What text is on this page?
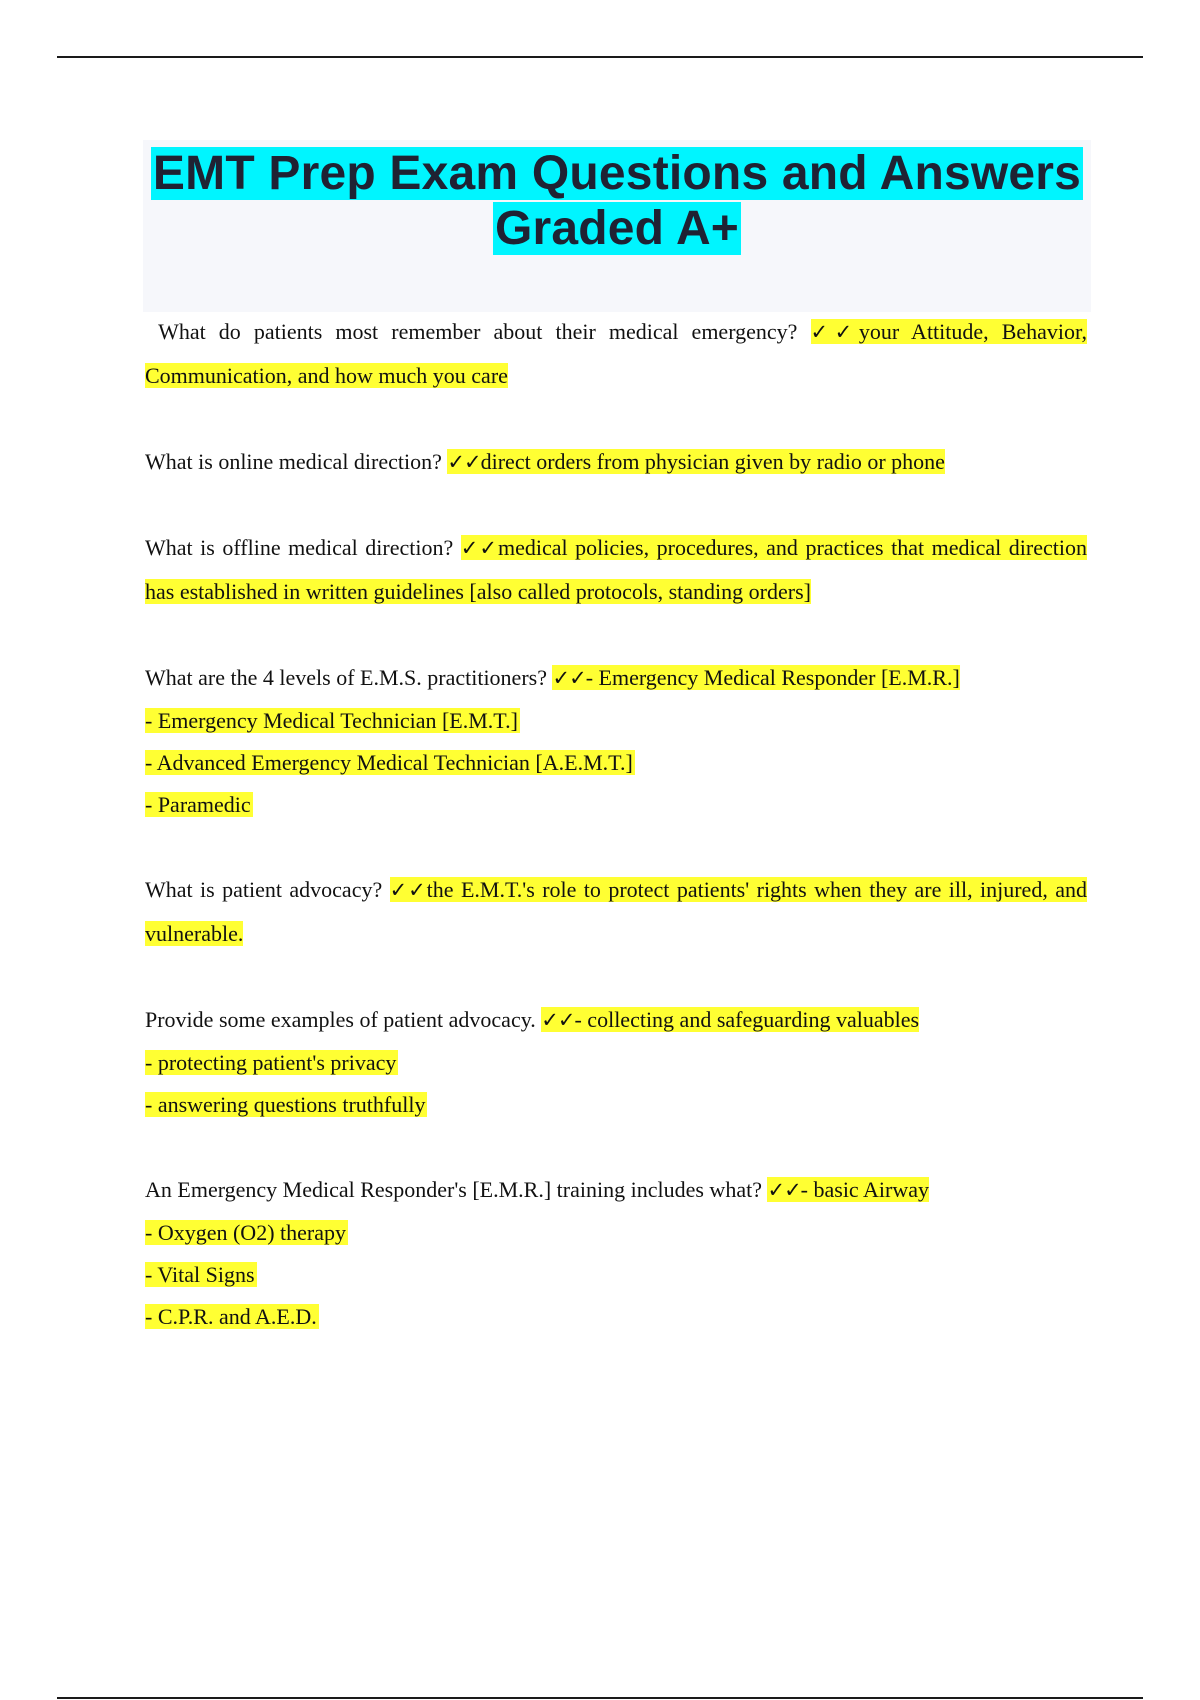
EMT Prep Exam Questions and Answers
Graded A+
What do patients most remember about their medical emergency? ✓✓your Attitude, Behavior, Communication, and how much you care
What is online medical direction? ✓✓direct orders from physician given by radio or phone
What is offline medical direction? ✓✓medical policies, procedures, and practices that medical direction has established in written guidelines [also called protocols, standing orders]
What are the 4 levels of E.M.S. practitioners? ✓✓- Emergency Medical Responder [E.M.R.]
- Emergency Medical Technician [E.M.T.]
- Advanced Emergency Medical Technician [A.E.M.T.]
- Paramedic
What is patient advocacy? ✓✓the E.M.T.'s role to protect patients' rights when they are ill, injured, and vulnerable.
Provide some examples of patient advocacy. ✓✓- collecting and safeguarding valuables
- protecting patient's privacy
- answering questions truthfully
An Emergency Medical Responder's [E.M.R.] training includes what? ✓✓- basic Airway
- Oxygen (O2) therapy
- Vital Signs
- C.P.R. and A.E.D.
